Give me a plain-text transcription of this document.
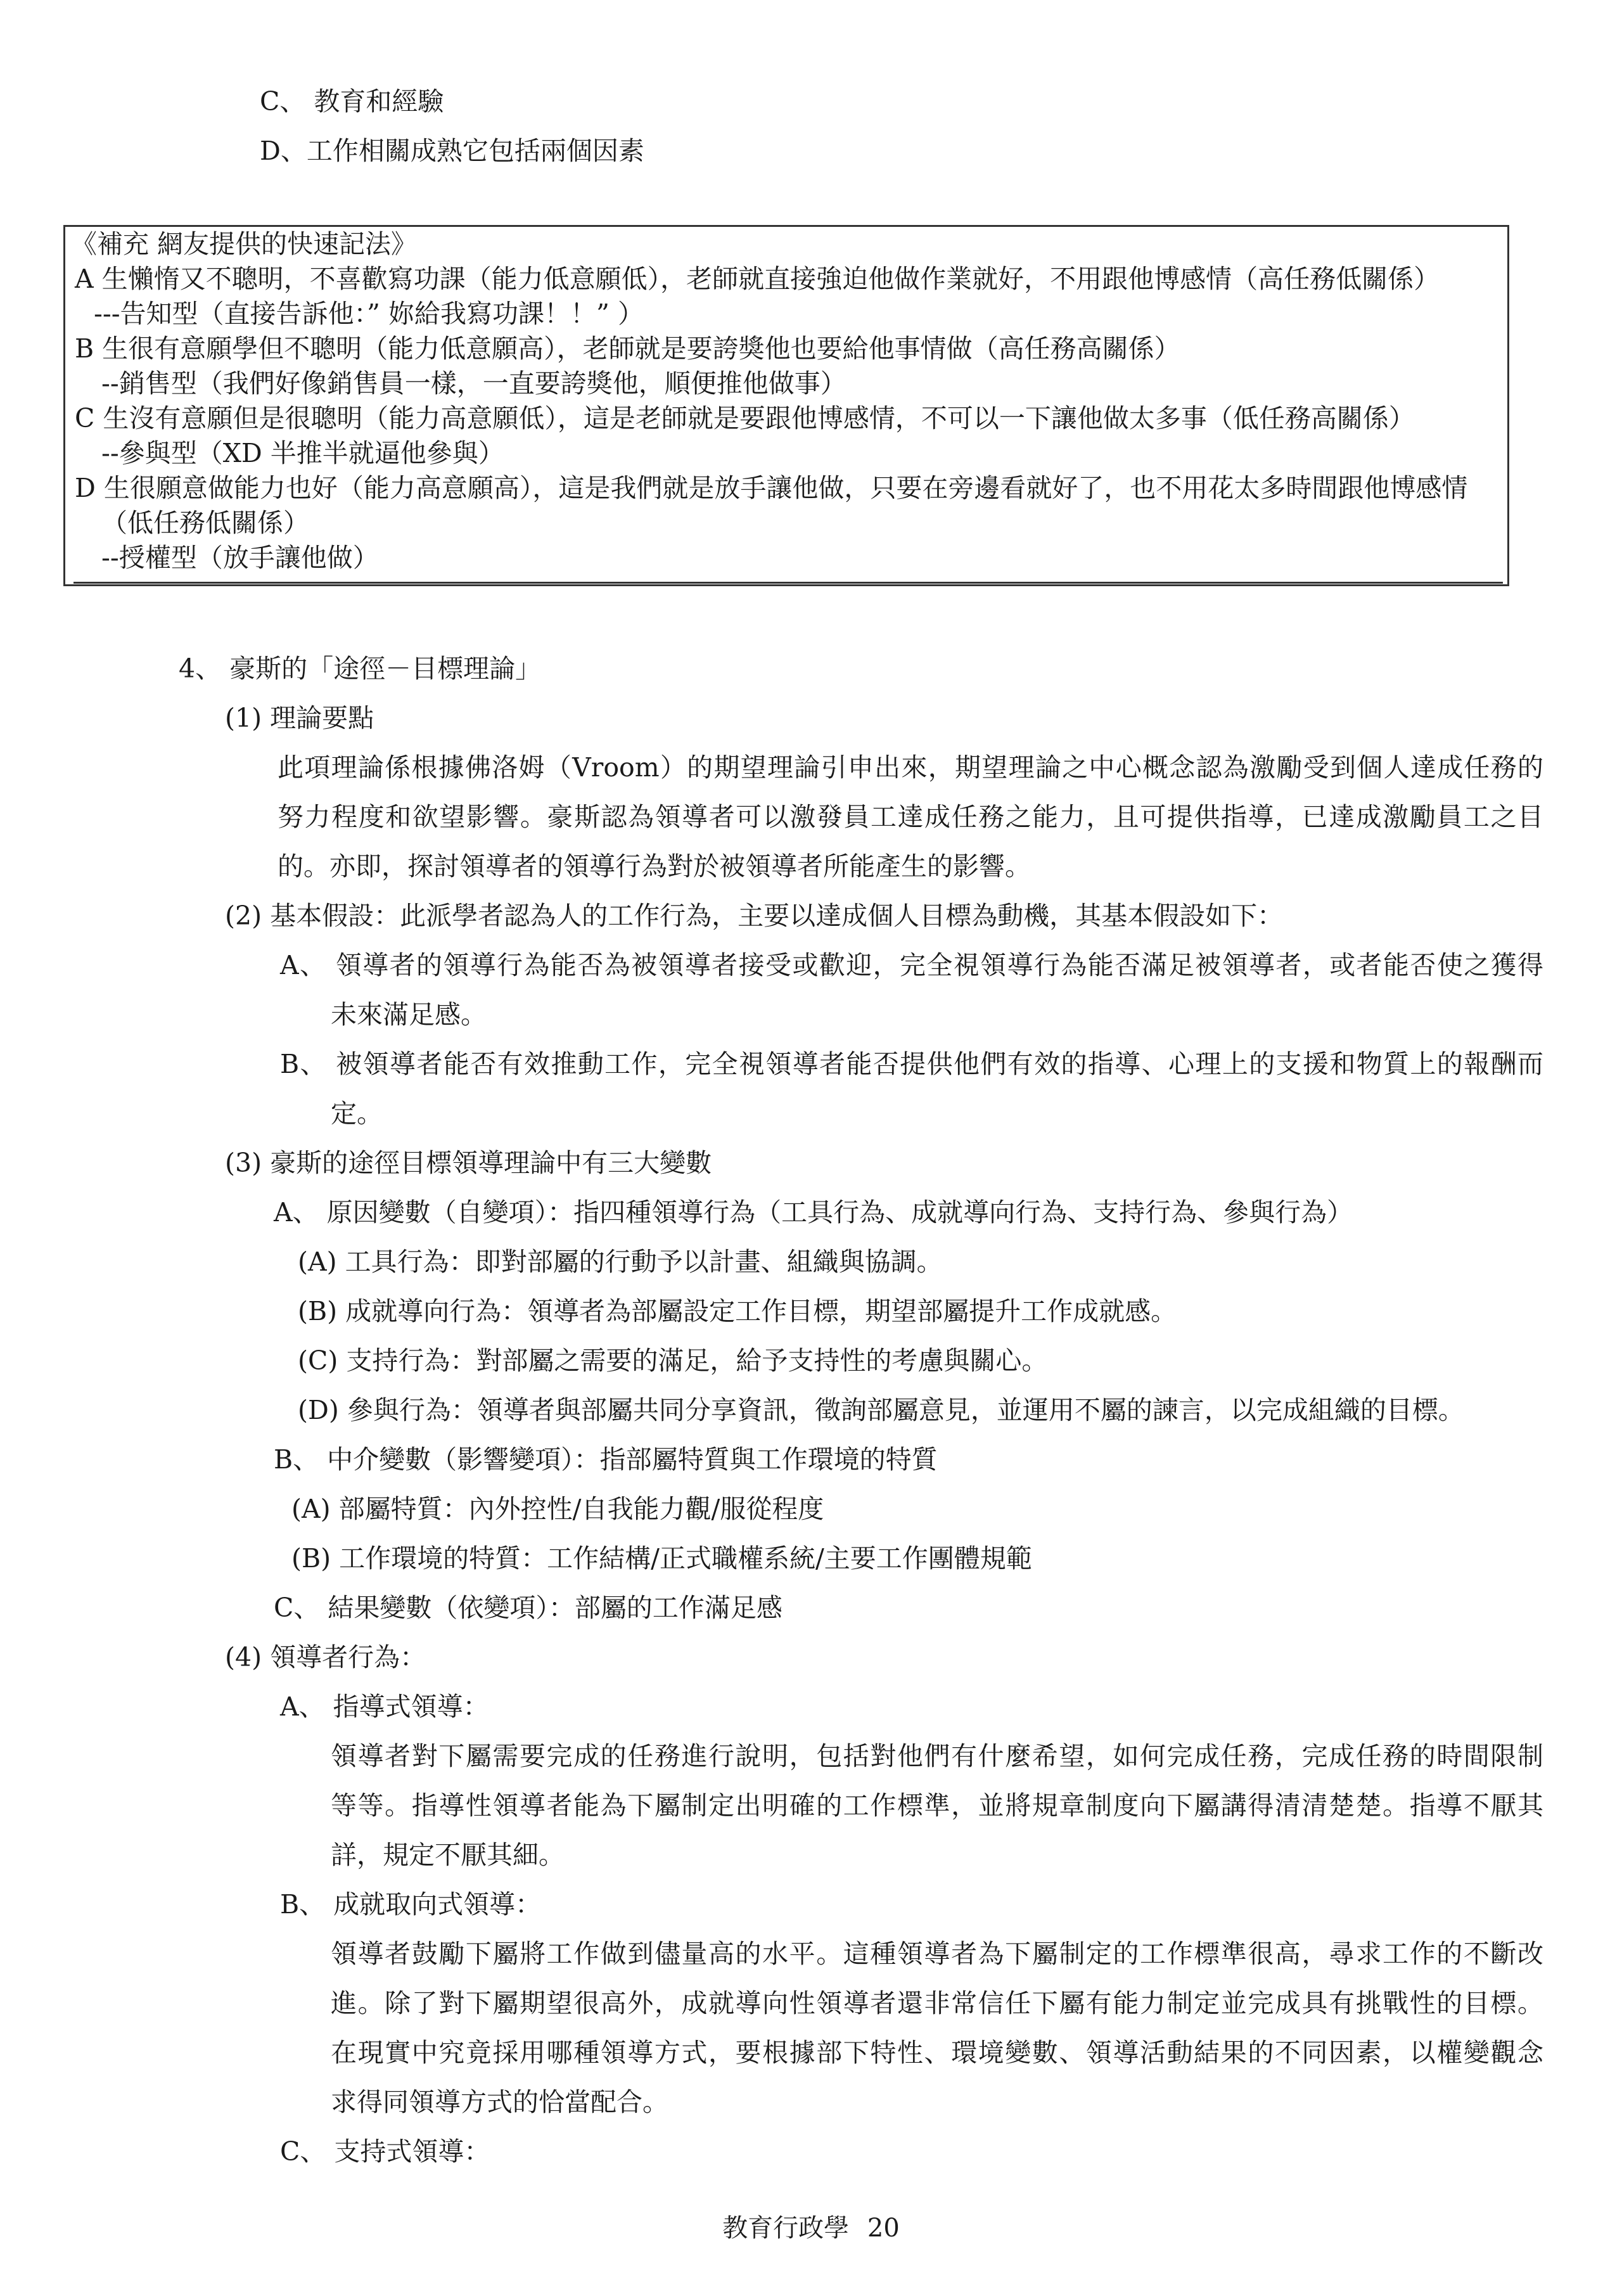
C、 教育和經驗
D、工作相關成熟它包括兩個因素
《補充 網友提供的快速記法》
A 生懶惰又不聰明，不喜歡寫功課（能力低意願低），老師就直接強迫他做作業就好，不用跟他博感情（高任務低關係）
---告知型（直接告訴他：” 妳給我寫功課！！” ）
B 生很有意願學但不聰明（能力低意願高），老師就是要誇獎他也要給他事情做（高任務高關係）
--銷售型（我們好像銷售員一樣，一直要誇獎他，順便推他做事）
C 生沒有意願但是很聰明（能力高意願低），這是老師就是要跟他博感情，不可以一下讓他做太多事（低任務高關係）
--參與型（XD 半推半就逼他參與）
D 生很願意做能力也好（能力高意願高），這是我們就是放手讓他做，只要在旁邊看就好了，也不用花太多時間跟他博感情
（低任務低關係）
--授權型（放手讓他做）
4、 豪斯的「途徑－目標理論」
(1) 理論要點
此項理論係根據佛洛姆（Vroom）的期望理論引申出來，期望理論之中心概念認為激勵受到個人達成任務的
努力程度和欲望影響。豪斯認為領導者可以激發員工達成任務之能力，且可提供指導，已達成激勵員工之目
的。亦即，探討領導者的領導行為對於被領導者所能產生的影響。
(2) 基本假設：此派學者認為人的工作行為，主要以達成個人目標為動機，其基本假設如下：
A、 領導者的領導行為能否為被領導者接受或歡迎，完全視領導行為能否滿足被領導者，或者能否使之獲得
未來滿足感。
B、 被領導者能否有效推動工作，完全視領導者能否提供他們有效的指導、心理上的支援和物質上的報酬而
定。
(3) 豪斯的途徑目標領導理論中有三大變數
A、 原因變數（自變項）：指四種領導行為（工具行為、成就導向行為、支持行為、參與行為）
(A) 工具行為：即對部屬的行動予以計畫、組織與協調。
(B) 成就導向行為：領導者為部屬設定工作目標，期望部屬提升工作成就感。
(C) 支持行為：對部屬之需要的滿足，給予支持性的考慮與關心。
(D) 參與行為：領導者與部屬共同分享資訊，徵詢部屬意見，並運用不屬的諫言，以完成組織的目標。
B、 中介變數（影響變項）：指部屬特質與工作環境的特質
(A) 部屬特質：內外控性/自我能力觀/服從程度
(B) 工作環境的特質：工作結構/正式職權系統/主要工作團體規範
C、 結果變數（依變項）：部屬的工作滿足感
(4) 領導者行為：
A、 指導式領導：
領導者對下屬需要完成的任務進行說明，包括對他們有什麼希望，如何完成任務，完成任務的時間限制
等等。指導性領導者能為下屬制定出明確的工作標準，並將規章制度向下屬講得清清楚楚。指導不厭其
詳，規定不厭其細。
B、 成就取向式領導：
領導者鼓勵下屬將工作做到儘量高的水平。這種領導者為下屬制定的工作標準很高，尋求工作的不斷改
進。除了對下屬期望很高外，成就導向性領導者還非常信任下屬有能力制定並完成具有挑戰性的目標。
在現實中究竟採用哪種領導方式，要根據部下特性、環境變數、領導活動結果的不同因素，以權變觀念
求得同領導方式的恰當配合。
C、 支持式領導：
教育行政學 20
